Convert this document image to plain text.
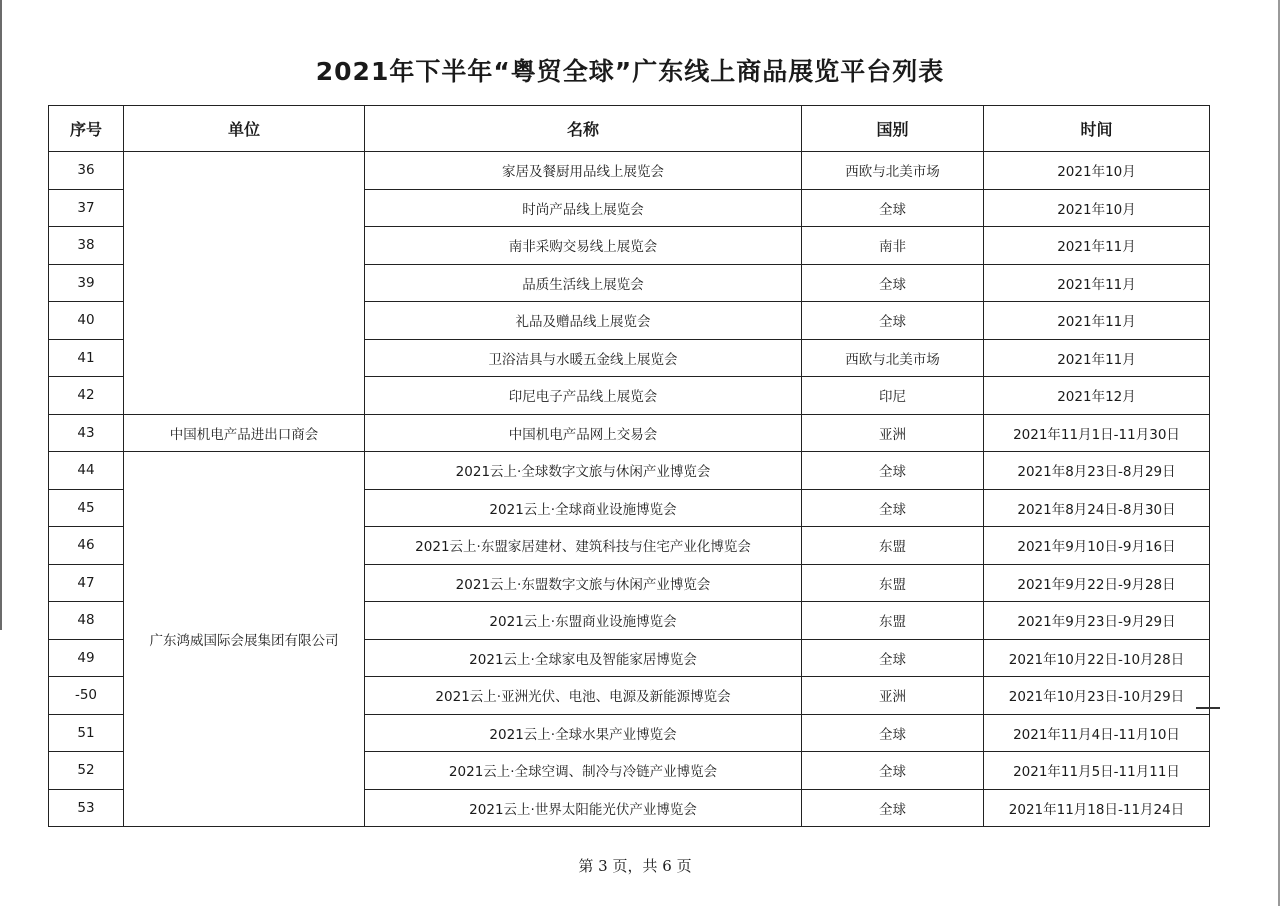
2021年下半年“粤贸全球”广东线上商品展览平台列表
序号	单位	名称	国别	时间
36		家居及餐厨用品线上展览会	西欧与北美市场	2021年10月
37		时尚产品线上展览会	全球	2021年10月
38		南非采购交易线上展览会	南非	2021年11月
39		品质生活线上展览会	全球	2021年11月
40		礼品及赠品线上展览会	全球	2021年11月
41		卫浴洁具与水暖五金线上展览会	西欧与北美市场	2021年11月
42		印尼电子产品线上展览会	印尼	2021年12月
43	中国机电产品进出口商会	中国机电产品网上交易会	亚洲	2021年11月1日-11月30日
44	广东鸿威国际会展集团有限公司	2021云上·全球数字文旅与休闲产业博览会	全球	2021年8月23日-8月29日
45		2021云上·全球商业设施博览会	全球	2021年8月24日-8月30日
46		2021云上·东盟家居建材、建筑科技与住宅产业化博览会	东盟	2021年9月10日-9月16日
47		2021云上·东盟数字文旅与休闲产业博览会	东盟	2021年9月22日-9月28日
48		2021云上·东盟商业设施博览会	东盟	2021年9月23日-9月29日
49		2021云上·全球家电及智能家居博览会	全球	2021年10月22日-10月28日
-50		2021云上·亚洲光伏、电池、电源及新能源博览会	亚洲	2021年10月23日-10月29日
51		2021云上·全球水果产业博览会	全球	2021年11月4日-11月10日
52		2021云上·全球空调、制冷与冷链产业博览会	全球	2021年11月5日-11月11日
53		2021云上·世界太阳能光伏产业博览会	全球	2021年11月18日-11月24日
第 3 页，共 6 页
